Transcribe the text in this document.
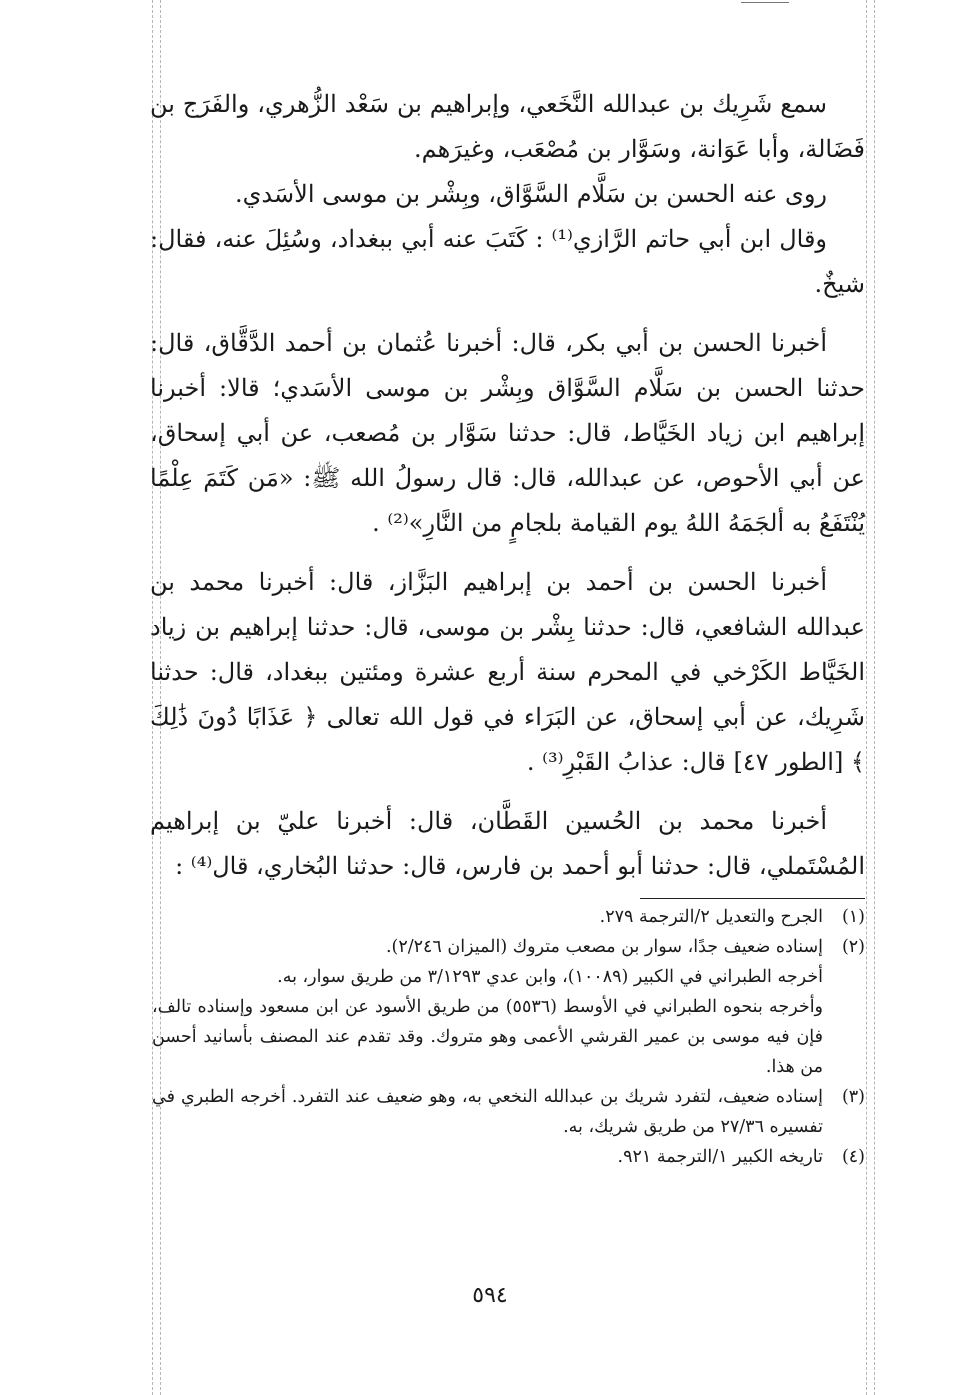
سمع شَرِيك بن عبدالله النَّخَعي، وإبراهيم بن سَعْد الزُّهري، والفَرَج بن فَضَالة، وأبا عَوَانة، وسَوَّار بن مُصْعَب، وغيرَهم.

روى عنه الحسن بن سَلَّام السَّوَّاق، وبِشْر بن موسى الأسَدي.

وقال ابن أبي حاتم الرَّازي⁽¹⁾ : كَتَبَ عنه أبي ببغداد، وسُئِلَ عنه، فقال: شيخٌ.

أخبرنا الحسن بن أبي بكر، قال: أخبرنا عُثمان بن أحمد الدَّقَّاق، قال: حدثنا الحسن بن سَلَّام السَّوَّاق وبِشْر بن موسى الأسَدي؛ قالا: أخبرنا إبراهيم ابن زياد الخَيَّاط، قال: حدثنا سَوَّار بن مُصعب، عن أبي إسحاق، عن أبي الأحوص، عن عبدالله، قال: قال رسولُ الله ﷺ: «مَن كَتَمَ عِلْمًا يُنْتَفَعُ به ألجَمَهُ اللهُ يوم القيامة بلجامٍ من النَّارِ»⁽²⁾ .

أخبرنا الحسن بن أحمد بن إبراهيم البَزَّاز، قال: أخبرنا محمد بن عبدالله الشافعي، قال: حدثنا بِشْر بن موسى، قال: حدثنا إبراهيم بن زياد الخَيَّاط الكَرْخي في المحرم سنة أربع عشرة ومئتين ببغداد، قال: حدثنا شَرِيك، عن أبي إسحاق، عن البَرَاء في قول الله تعالى ﴿ عَذَابًا دُونَ ذَٰلِكَ ﴾ [الطور ٤٧] قال: عذابُ القَبْرِ⁽³⁾ .

أخبرنا محمد بن الحُسين القَطَّان، قال: أخبرنا عليّ بن إبراهيم المُسْتَملي، قال: حدثنا أبو أحمد بن فارس، قال: حدثنا البُخاري، قال⁽⁴⁾ :

(١)
الجرح والتعديل ٢/الترجمة ٢٧٩.
(٢)
إسناده ضعيف جدًا، سوار بن مصعب متروك (الميزان ٢/٢٤٦).

أخرجه الطبراني في الكبير (١٠٠٨٩)، وابن عدي ٣/١٢٩٣ من طريق سوار، به.

وأخرجه بنحوه الطبراني في الأوسط (٥٥٣٦) من طريق الأسود عن ابن مسعود وإسناده تالف، فإن فيه موسى بن عمير القرشي الأعمى وهو متروك. وقد تقدم عند المصنف بأسانيد أحسن من هذا.

(٣)
إسناده ضعيف، لتفرد شريك بن عبدالله النخعي به، وهو ضعيف عند التفرد. أخرجه الطبري في تفسيره ٢٧/٣٦ من طريق شريك، به.
(٤)
تاريخه الكبير ١/الترجمة ٩٢١.
٥٩٤
